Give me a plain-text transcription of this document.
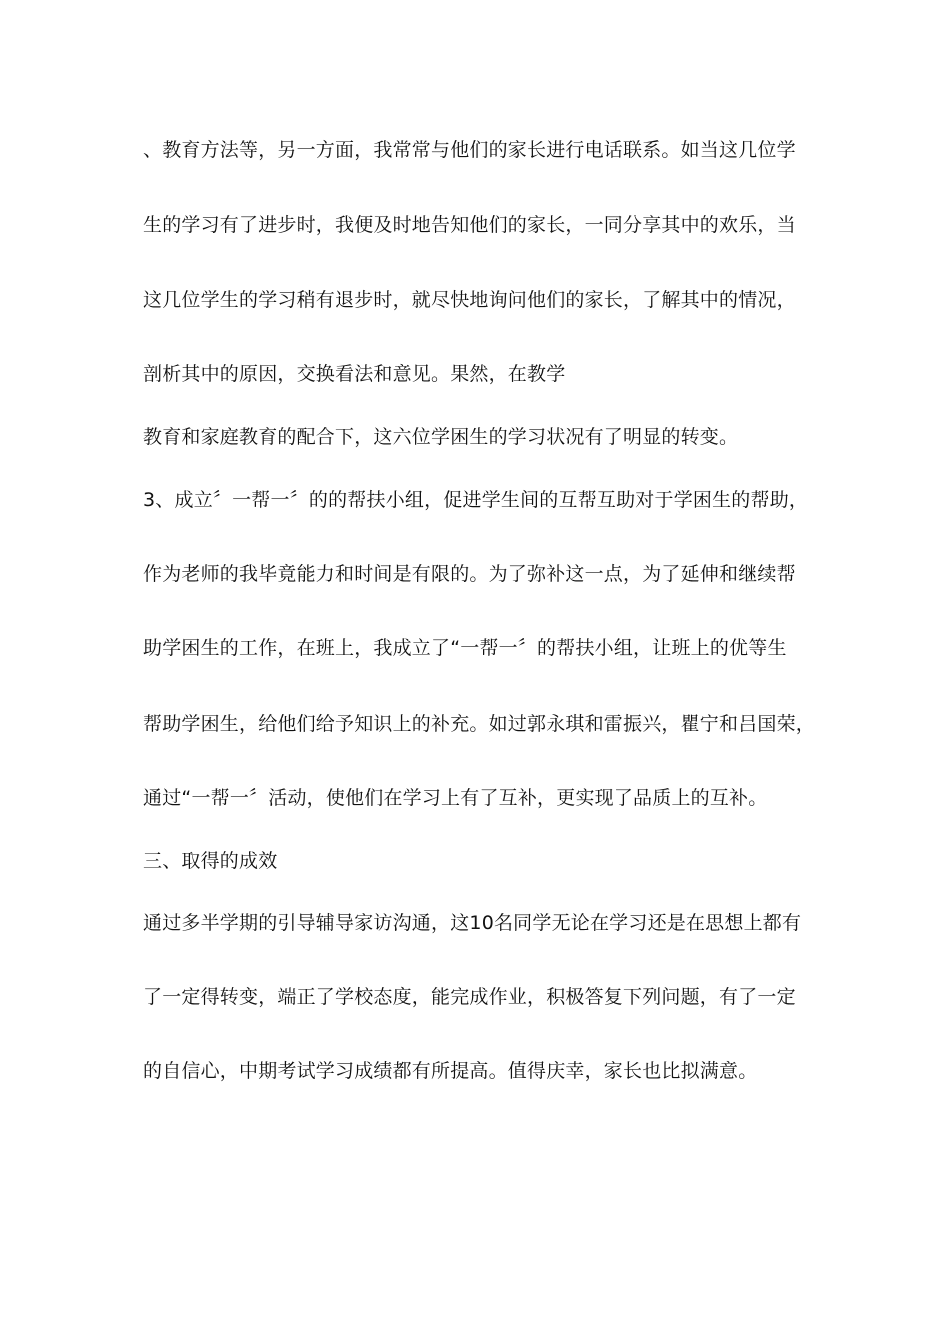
、教育方法等，另一方面，我常常与他们的家长进行电话联系。如当这几位学
生的学习有了进步时，我便及时地告知他们的家长，一同分享其中的欢乐，当
这几位学生的学习稍有退步时，就尽快地询问他们的家长，了解其中的情况，
剖析其中的原因，交换看法和意见。果然，在教学
教育和家庭教育的配合下，这六位学困生的学习状况有了明显的转变。
3、成立〞一帮一〞的的帮扶小组，促进学生间的互帮互助对于学困生的帮助，
作为老师的我毕竟能力和时间是有限的。为了弥补这一点，为了延伸和继续帮
助学困生的工作，在班上，我成立了“一帮一〞的帮扶小组，让班上的优等生
帮助学困生，给他们给予知识上的补充。如过郭永琪和雷振兴，瞿宁和吕国荣，
通过“一帮一〞活动，使他们在学习上有了互补，更实现了品质上的互补。
三、取得的成效
通过多半学期的引导辅导家访沟通，这10名同学无论在学习还是在思想上都有
了一定得转变，端正了学校态度，能完成作业，积极答复下列问题，有了一定
的自信心，中期考试学习成绩都有所提高。值得庆幸，家长也比拟满意。
